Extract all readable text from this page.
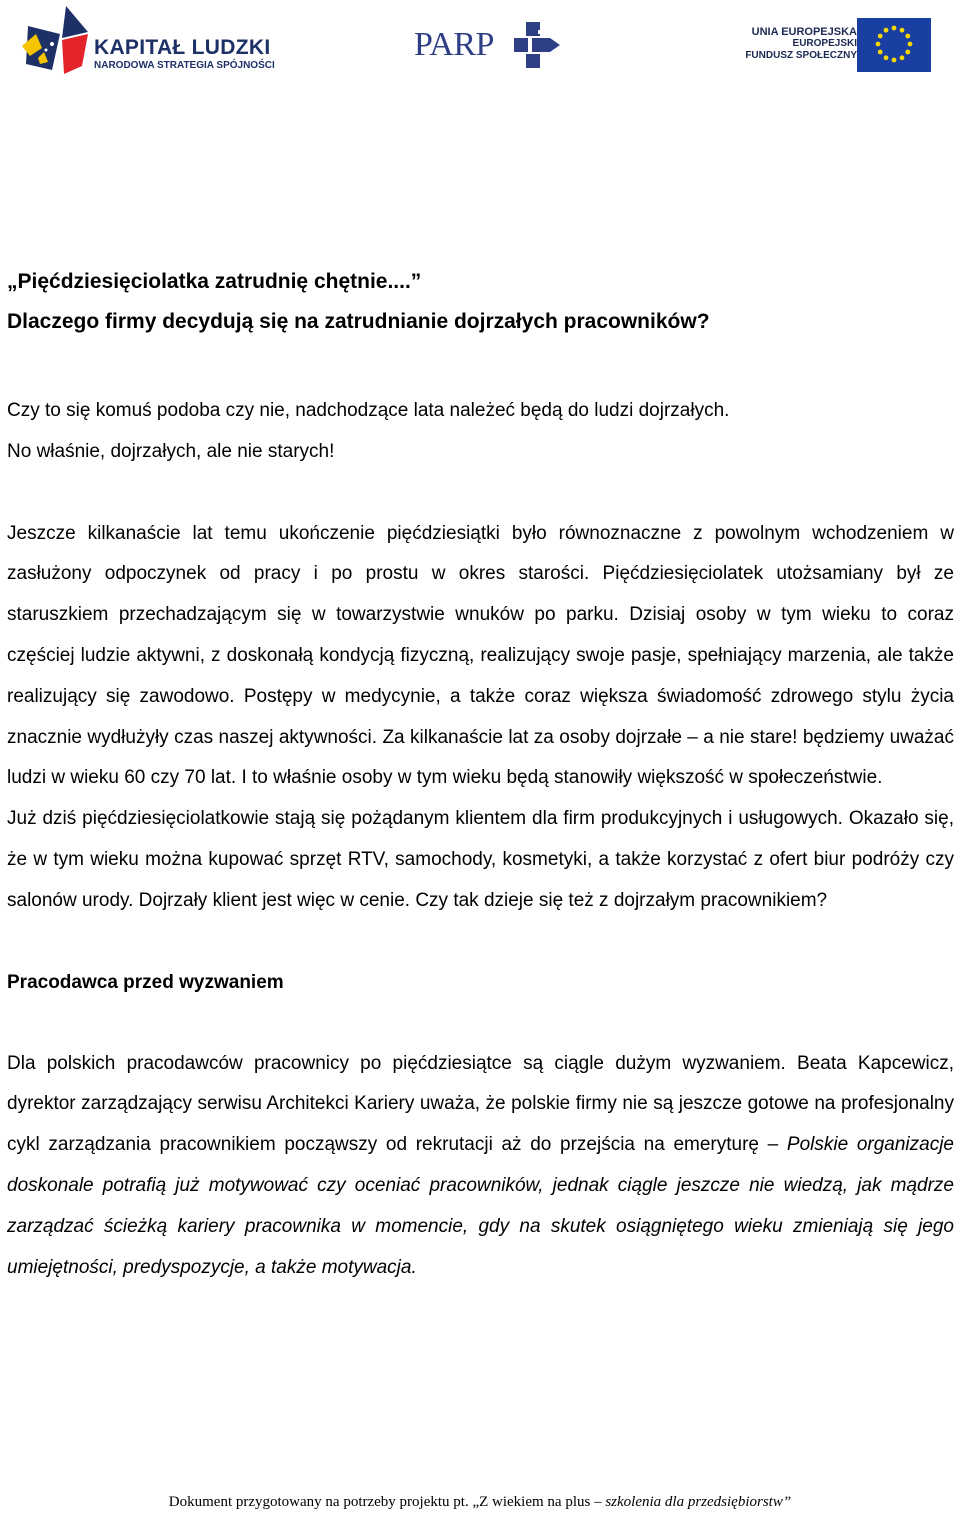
KAPITAŁ LUDZKI
NARODOWA STRATEGIA SPÓJNOŚCI
PARP	UNIA EUROPEJSKA
EUROPEJSKI
FUNDUSZ SPOŁECZNY
„Pięćdziesięciolatka zatrudnię chętnie....”
Dlaczego firmy decydują się na zatrudnianie dojrzałych pracowników?

Czy to się komuś podoba czy nie, nadchodzące lata należeć będą do ludzi dojrzałych.

No właśnie, dojrzałych, ale nie starych!

Jeszcze kilkanaście lat temu ukończenie pięćdziesiątki było równoznaczne z powolnym wchodzeniem w zasłużony odpoczynek od pracy i po prostu w okres starości. Pięćdziesięciolatek utożsamiany był ze staruszkiem przechadzającym się w towarzystwie wnuków po parku. Dzisiaj osoby w tym wieku to coraz częściej ludzie aktywni, z doskonałą kondycją fizyczną, realizujący swoje pasje, spełniający marzenia, ale także realizujący się zawodowo. Postępy w medycynie, a także coraz większa świadomość zdrowego stylu życia znacznie wydłużyły czas naszej aktywności. Za kilkanaście lat za osoby dojrzałe – a nie stare! będziemy uważać ludzi w wieku 60 czy 70 lat. I to właśnie osoby w tym wieku będą stanowiły większość w społeczeństwie.

Już dziś pięćdziesięciolatkowie stają się pożądanym klientem dla firm produkcyjnych i usługowych. Okazało się, że w tym wieku można kupować sprzęt RTV, samochody, kosmetyki, a także korzystać z ofert biur podróży czy salonów urody. Dojrzały klient jest więc w cenie. Czy tak dzieje się też z dojrzałym pracownikiem?

Pracodawca przed wyzwaniem

Dla polskich pracodawców pracownicy po pięćdziesiątce są ciągle dużym wyzwaniem. Beata Kapcewicz, dyrektor zarządzający serwisu Architekci Kariery uważa, że polskie firmy nie są jeszcze gotowe na profesjonalny cykl zarządzania pracownikiem począwszy od rekrutacji aż do przejścia na emeryturę – Polskie organizacje doskonale potrafią już motywować czy oceniać pracowników, jednak ciągle jeszcze nie wiedzą, jak mądrze zarządzać ścieżką kariery pracownika w momencie, gdy na skutek osiągniętego wieku zmieniają się jego umiejętności, predyspozycje, a także motywacja.

Dokument przygotowany na potrzeby projektu pt. „Z wiekiem na plus – szkolenia dla przedsiębiorstw”
